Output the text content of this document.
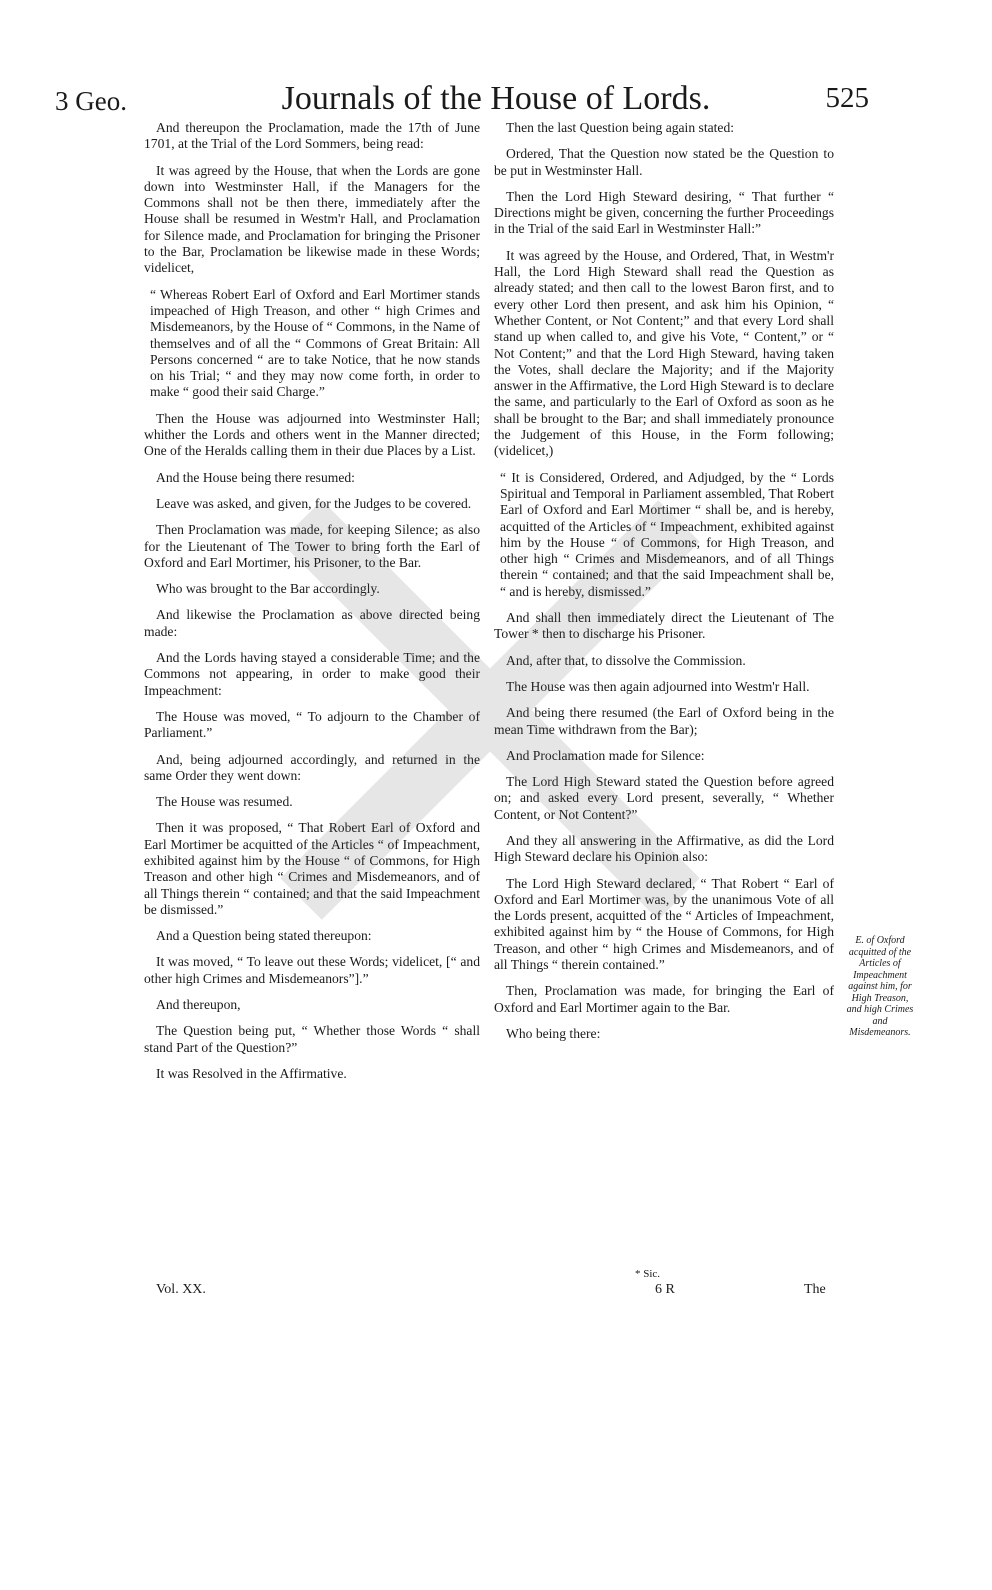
3 Geo.	Journals of the House of Lords.	525

And thereupon the Proclamation, made the 17th of June 1701, at the Trial of the Lord Sommers, being read:

It was agreed by the House, that when the Lords are gone down into Westminster Hall, if the Managers for the Commons shall not be then there, immediately after the House shall be resumed in Westm'r Hall, and Proclamation for Silence made, and Proclamation for bringing the Prisoner to the Bar, Proclamation be likewise made in these Words; videlicet,

“ Whereas Robert Earl of Oxford and Earl Mortimer stands impeached of High Treason, and other “ high Crimes and Misdemeanors, by the House of “ Commons, in the Name of themselves and of all the “ Commons of Great Britain: All Persons concerned “ are to take Notice, that he now stands on his Trial; “ and they may now come forth, in order to make “ good their said Charge.”

Then the House was adjourned into Westminster Hall; whither the Lords and others went in the Manner directed; One of the Heralds calling them in their due Places by a List.

And the House being there resumed:

Leave was asked, and given, for the Judges to be covered.

Then Proclamation was made, for keeping Silence; as also for the Lieutenant of The Tower to bring forth the Earl of Oxford and Earl Mortimer, his Prisoner, to the Bar.

Who was brought to the Bar accordingly.

And likewise the Proclamation as above directed being made:

And the Lords having stayed a considerable Time; and the Commons not appearing, in order to make good their Impeachment:

The House was moved, “ To adjourn to the Chamber of Parliament.”

And, being adjourned accordingly, and returned in the same Order they went down:

The House was resumed.

Then it was proposed, “ That Robert Earl of Oxford and Earl Mortimer be acquitted of the Articles “ of Impeachment, exhibited against him by the House “ of Commons, for High Treason and other high “ Crimes and Misdemeanors, and of all Things therein “ contained; and that the said Impeachment be dismissed.”

And a Question being stated thereupon:

It was moved, “ To leave out these Words; videlicet, [“ and other high Crimes and Misdemeanors”].”

And thereupon,

The Question being put, “ Whether those Words “ shall stand Part of the Question?”

It was Resolved in the Affirmative.

Then the last Question being again stated:

Ordered, That the Question now stated be the Question to be put in Westminster Hall.

Then the Lord High Steward desiring, “ That further “ Directions might be given, concerning the further Proceedings in the Trial of the said Earl in Westminster Hall:”

It was agreed by the House, and Ordered, That, in Westm'r Hall, the Lord High Steward shall read the Question as already stated; and then call to the lowest Baron first, and to every other Lord then present, and ask him his Opinion, “ Whether Content, or Not Content;” and that every Lord shall stand up when called to, and give his Vote, “ Content,” or “ Not Content;” and that the Lord High Steward, having taken the Votes, shall declare the Majority; and if the Majority answer in the Affirmative, the Lord High Steward is to declare the same, and particularly to the Earl of Oxford as soon as he shall be brought to the Bar; and shall immediately pronounce the Judgement of this House, in the Form following; (videlicet,)

“ It is Considered, Ordered, and Adjudged, by the “ Lords Spiritual and Temporal in Parliament assembled, That Robert Earl of Oxford and Earl Mortimer “ shall be, and is hereby, acquitted of the Articles of “ Impeachment, exhibited against him by the House “ of Commons, for High Treason, and other high “ Crimes and Misdemeanors, and of all Things therein “ contained; and that the said Impeachment shall be, “ and is hereby, dismissed.”

And shall then immediately direct the Lieutenant of The Tower * then to discharge his Prisoner.

And, after that, to dissolve the Commission.

The House was then again adjourned into Westm'r Hall.

And being there resumed (the Earl of Oxford being in the mean Time withdrawn from the Bar);

And Proclamation made for Silence:

The Lord High Steward stated the Question before agreed on; and asked every Lord present, severally, “ Whether Content, or Not Content?”

And they all answering in the Affirmative, as did the Lord High Steward declare his Opinion also:

The Lord High Steward declared, “ That Robert “ Earl of Oxford and Earl Mortimer was, by the unanimous Vote of all the Lords present, acquitted of the “ Articles of Impeachment, exhibited against him by “ the House of Commons, for High Treason, and other “ high Crimes and Misdemeanors, and of all Things “ therein contained.”

Then, Proclamation was made, for bringing the Earl of Oxford and Earl Mortimer again to the Bar.

Who being there:

E. of Oxford acquitted of the Articles of Impeachment against him, for High Treason, and high Crimes and Misdemeanors.
Vol. XX.
* Sic.
6 R	The
